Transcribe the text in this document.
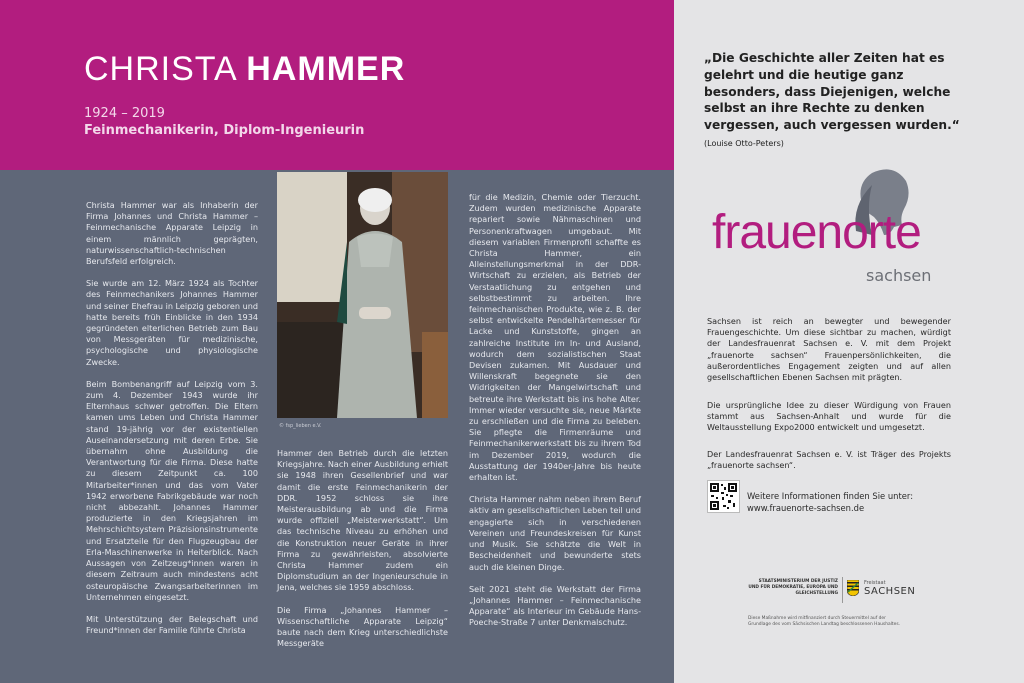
CHRISTA HAMMER
1924 – 2019
Feinmechanikerin, Diplom-Ingenieurin

Christa Hammer war als Inhaberin der Firma Johannes und Christa Hammer – Feinmechanische Apparate Leipzig in einem männlich geprägten, naturwissenschaftlich-technischen Berufsfeld erfolgreich.

Sie wurde am 12. März 1924 als Tochter des Feinmechanikers Johannes Hammer und seiner Ehefrau in Leipzig geboren und hatte bereits früh Einblicke in den 1934 gegründeten elterlichen Betrieb zum Bau von Messgeräten für medizinische, psychologische und physiologische Zwecke.

Beim Bombenangriff auf Leipzig vom 3. zum 4. Dezember 1943 wurde ihr Elternhaus schwer getroffen. Die Eltern kamen ums Leben und Christa Hammer stand 19-jährig vor der existentiellen Auseinandersetzung mit deren Erbe. Sie übernahm ohne Ausbildung die Verantwortung für die Firma. Diese hatte zu diesem Zeitpunkt ca. 100 Mitarbeiter*innen und das vom Vater 1942 erworbene Fabrikgebäude war noch nicht abbezahlt. Johannes Hammer produzierte in den Kriegsjahren im Mehrschichtsystem Präzisionsinstrumente und Ersatzteile für den Flugzeugbau der Erla-Maschinenwerke in Heiterblick. Nach Aussagen von Zeitzeug*innen waren in diesem Zeitraum auch mindestens acht osteuropäische Zwangsarbeiterinnen im Unternehmen eingesetzt.

Mit Unterstützung der Belegschaft und Freund*innen der Familie führte Christa

© fsp_lieben e.V.

Hammer den Betrieb durch die letzten Kriegsjahre. Nach einer Ausbildung erhielt sie 1948 ihren Gesellenbrief und war damit die erste Feinmechanikerin der DDR. 1952 schloss sie ihre Meisterausbildung ab und die Firma wurde offiziell „Meisterwerkstatt“. Um das technische Niveau zu erhöhen und die Konstruktion neuer Geräte in ihrer Firma zu gewährleisten, absolvierte Christa Hammer zudem ein Diplomstudium an der Ingenieurschule in Jena, welches sie 1959 abschloss.

Die Firma „Johannes Hammer – Wissenschaftliche Apparate Leipzig“ baute nach dem Krieg unterschiedlichste Messgeräte

für die Medizin, Chemie oder Tierzucht. Zudem wurden medizinische Apparate repariert sowie Nähmaschinen und Personenkraftwagen umgebaut. Mit diesem variablen Firmenprofil schaffte es Christa Hammer, ein Alleinstellungsmerkmal in der DDR-Wirtschaft zu erzielen, als Betrieb der Verstaatlichung zu entgehen und selbstbestimmt zu arbeiten. Ihre feinmechanischen Produkte, wie z. B. der selbst entwickelte Pendelhärtemesser für Lacke und Kunststoffe, gingen an zahlreiche Institute im In- und Ausland, wodurch dem sozialistischen Staat Devisen zukamen. Mit Ausdauer und Willenskraft begegnete sie den Widrigkeiten der Mangelwirtschaft und betreute ihre Werkstatt bis ins hohe Alter. Immer wieder versuchte sie, neue Märkte zu erschließen und die Firma zu beleben. Sie pflegte die Firmenräume und Feinmechanikerwerkstatt bis zu ihrem Tod im Dezember 2019, wodurch die Ausstattung der 1940er-Jahre bis heute erhalten ist.

Christa Hammer nahm neben ihrem Beruf aktiv am gesellschaftlichen Leben teil und engagierte sich in verschiedenen Vereinen und Freundeskreisen für Kunst und Musik. Sie schätzte die Welt in Bescheidenheit und bewunderte stets auch die kleinen Dinge.

Seit 2021 steht die Werkstatt der Firma „Johannes Hammer – Feinmechanische Apparate“ als Interieur im Gebäude Hans-Poeche-Straße 7 unter Denkmalschutz.

„Die Geschichte aller Zeiten hat es gelehrt und die heutige ganz besonders, dass Diejenigen, welche selbst an ihre Rechte zu denken vergessen, auch vergessen wurden.“ (Louise Otto-Peters)
frauenorte
sachsen
Sachsen ist reich an bewegter und bewegender Frauengeschichte. Um diese sichtbar zu machen, würdigt der Landesfrauenrat Sachsen e. V. mit dem Projekt „frauenorte sachsen“ Frauenpersönlichkeiten, die außerordentliches Engagement zeigten und auf allen gesellschaftlichen Ebenen Sachsen mit prägten.
Die ursprüngliche Idee zu dieser Würdigung von Frauen stammt aus Sachsen-Anhalt und wurde für die Weltausstellung Expo2000 entwickelt und umgesetzt.
Der Landesfrauenrat Sachsen e. V. ist Träger des Projekts „frauenorte sachsen“.
Weitere Informationen finden Sie unter:
www.frauenorte-sachsen.de
STAATSMINISTERIUM DER JUSTIZ UND FÜR DEMOKRATIE, EUROPA UND GLEICHSTELLUNG
Freistaat
SACHSEN
Diese Maßnahme wird mitfinanziert durch Steuermittel auf der Grundlage des vom Sächsischen Landtag beschlossenen Haushaltes.
